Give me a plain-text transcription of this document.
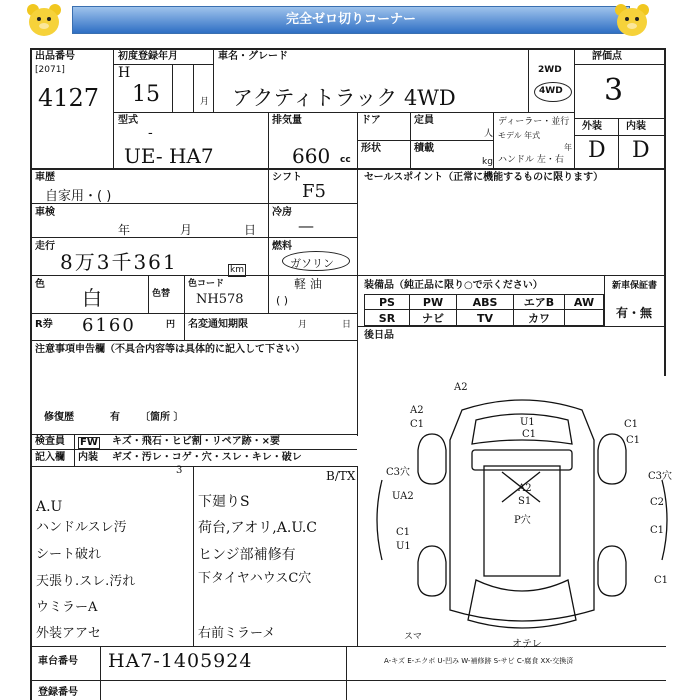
完全ゼロ切りコーナー
出品番号
[2071]
4127
初度登録年月
H
15	月
車名・グレード
アクティトラック 4WD
2WD
4WD
評価点
3
外装 内装
D D
型式
-
UE- HA7
排気量
660 cc
ドア	定員
人
ディーラー・並行
モデル 年式
年
ハンドル 左・右
形状	積載
kg
車歴
自家用・( )
シフト
F5
車検
年	月	日
冷房
—
走行
8万3千361	km
燃料
ガソリン
軽 油
( )
色
白	色替
色コード
NH578
R券 6160	円 名変通知期限	月	日
注意事項申告欄（不具合内容等は具体的に記入して下さい）
修復歴	有 〔箇所 〕
検査員 FW キズ・飛石・ヒビ割・リペア跡・×要
記入欄 内装 ギズ・汚レ・コゲ・穴・スレ・キレ・破レ
3	B/TX
A.U
ハンドルスレ汚
シート破れ
天張り.スレ.汚れ
ウミラーA
外装アアセ
下廻りS
荷台,アオリ,A.U.C
ヒンジ部補修有
下タイヤハウスC穴
右前ミラーメ
セールスポイント（正常に機能するものに限ります）
装備品（純正品に限り○で示ください）	新車保証書
有・無
PS	PW	ABS	エアB	AW
SR	ナビ	TV	カワ
後日品
A2
A2
C1	U1
C1
C1
C1
C3穴	C3穴
A2
S1
UA2
P穴
C2
C1
C1
U1
C1
スマ
オテレ
A-キズ E-エクボ U-凹み W-補修跡 S-サビ C-腐食 XX-交換済
車台番号 HA7-1405924
登録番号
